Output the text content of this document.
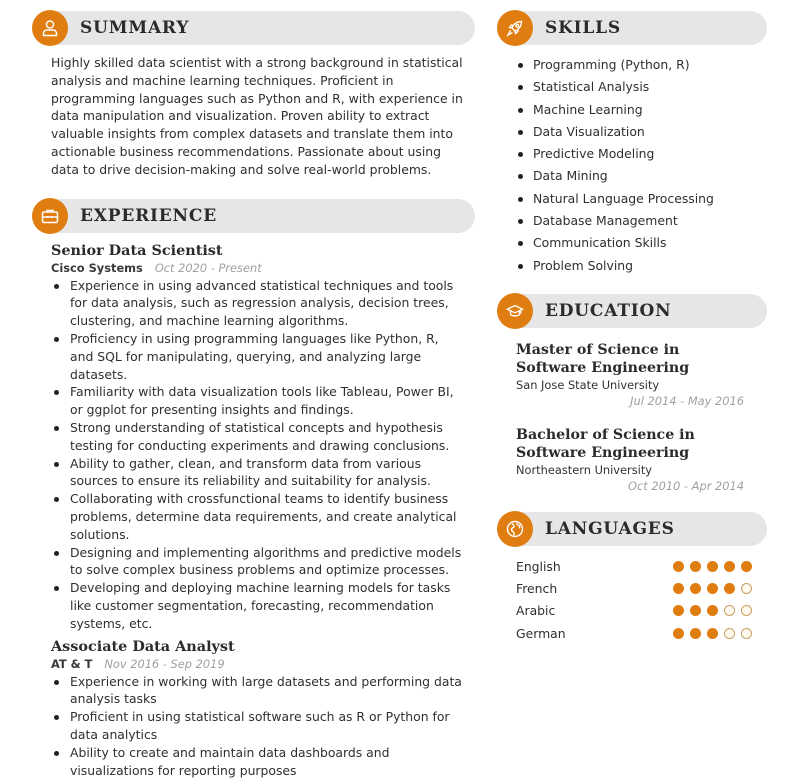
SUMMARY

Highly skilled data scientist with a strong background in statistical analysis and machine learning techniques. Proficient in programming languages such as Python and R, with experience in data manipulation and visualization. Proven ability to extract valuable insights from complex datasets and translate them into actionable business recommendations. Passionate about using data to drive decision-making and solve real-world problems.

EXPERIENCE
Senior Data Scientist
Cisco Systems Oct 2020 - Present
Experience in using advanced statistical techniques and tools for data analysis, such as regression analysis, decision trees, clustering, and machine learning algorithms.
Proficiency in using programming languages like Python, R, and SQL for manipulating, querying, and analyzing large datasets.
Familiarity with data visualization tools like Tableau, Power BI, or ggplot for presenting insights and findings.
Strong understanding of statistical concepts and hypothesis testing for conducting experiments and drawing conclusions.
Ability to gather, clean, and transform data from various sources to ensure its reliability and suitability for analysis.
Collaborating with crossfunctional teams to identify business problems, determine data requirements, and create analytical solutions.
Designing and implementing algorithms and predictive models to solve complex business problems and optimize processes.
Developing and deploying machine learning models for tasks like customer segmentation, forecasting, recommendation systems, etc.
Associate Data Analyst
AT & T Nov 2016 - Sep 2019
Experience in working with large datasets and performing data analysis tasks
Proficient in using statistical software such as R or Python for data analytics
Ability to create and maintain data dashboards and visualizations for reporting purposes
SKILLS
Programming (Python, R)
Statistical Analysis
Machine Learning
Data Visualization
Predictive Modeling
Data Mining
Natural Language Processing
Database Management
Communication Skills
Problem Solving
EDUCATION
Master of Science in Software Engineering
San Jose State University
Jul 2014 - May 2016
Bachelor of Science in Software Engineering
Northeastern University
Oct 2010 - Apr 2014
LANGUAGES
English
French
Arabic
German
